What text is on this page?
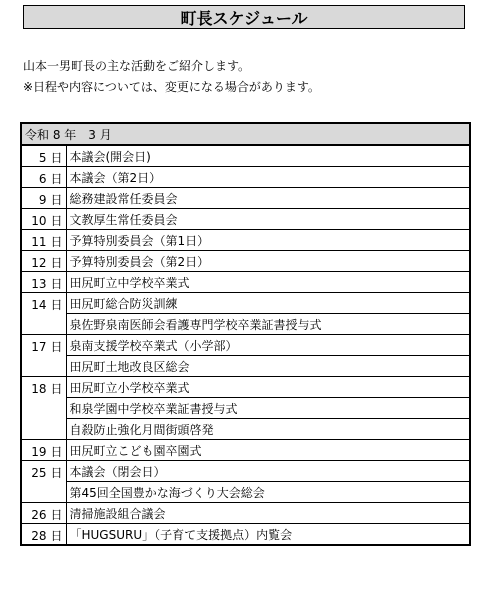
町長スケジュール
山本一男町長の主な活動をご紹介します。
※日程や内容については、変更になる場合があります。
令和 8 年　3 月	
5 日	本議会(開会日)
6 日	本議会（第2日）
9 日	総務建設常任委員会
10 日	文教厚生常任委員会
11 日	予算特別委員会（第1日）
12 日	予算特別委員会（第2日）
13 日	田尻町立中学校卒業式
14 日	田尻町総合防災訓練
	泉佐野泉南医師会看護専門学校卒業証書授与式
17 日	泉南支援学校卒業式（小学部）
	田尻町土地改良区総会
18 日	田尻町立小学校卒業式
	和泉学園中学校卒業証書授与式
	自殺防止強化月間街頭啓発
19 日	田尻町立こども園卒園式
25 日	本議会（閉会日）
	第45回全国豊かな海づくり大会総会
26 日	清掃施設組合議会
28 日	「HUGSURU」（子育て支援拠点）内覧会
